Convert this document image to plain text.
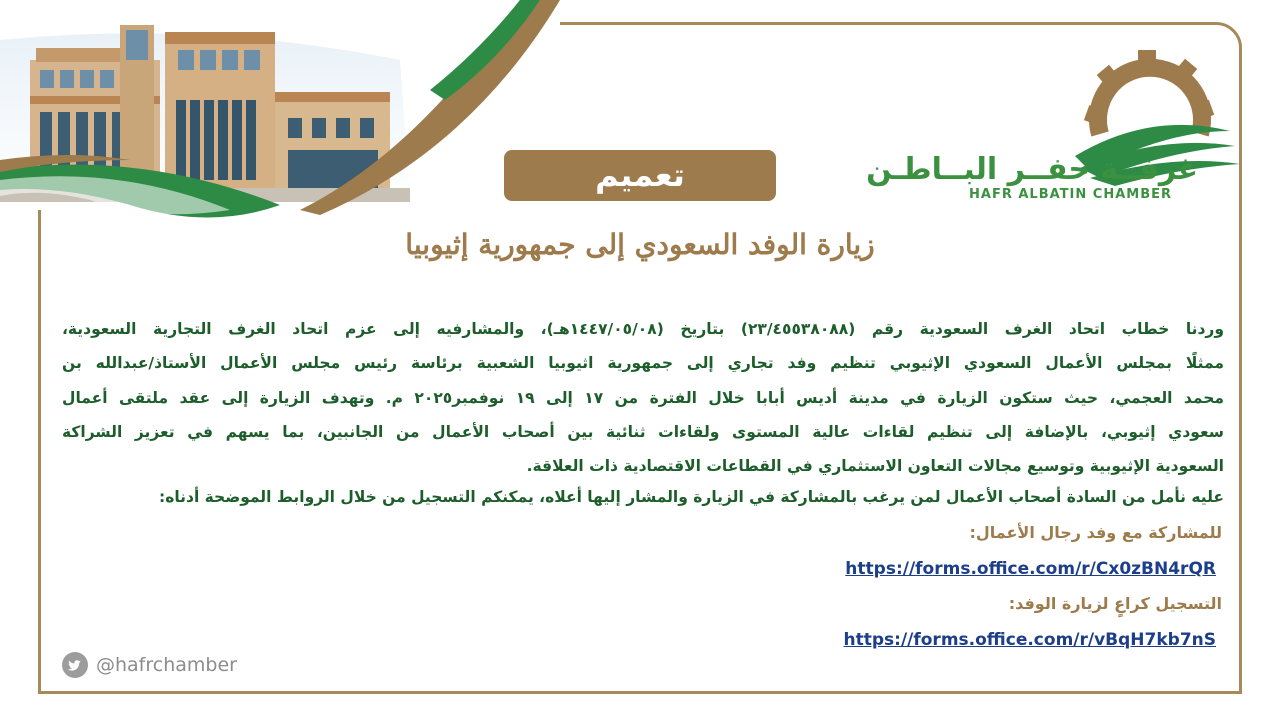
غرفــة حفــر البــاطـن
HAFR ALBATIN CHAMBER
تعميم
زيارة الوفد السعودي إلى جمهورية إثيوبيا
وردنا خطاب اتحاد الغرف السعودية رقم (٢٣/٤٥٥٣٨٠٨٨) بتاريخ (١٤٤٧/٠٥/٠٨هـ)، والمشارفيه إلى عزم اتحاد الغرف التجارية السعودية،
ممثلًا بمجلس الأعمال السعودي الإثيوبي تنظيم وفد تجاري إلى جمهورية اثيوبيا الشعبية برئاسة رئيس مجلس الأعمال الأستاذ/عبدالله بن
محمد العجمي، حيث ستكون الزيارة في مدينة أديس أبابا خلال الفترة من ١٧ إلى ١٩ نوفمبر٢٠٢٥ م. وتهدف الزيارة إلى عقد ملتقى أعمال
سعودي إثيوبي، بالإضافة إلى تنظيم لقاءات عالية المستوى ولقاءات ثنائية بين أصحاب الأعمال من الجانبين، بما يسهم في تعزيز الشراكة
السعودية الإثيوبية وتوسيع مجالات التعاون الاستثماري في القطاعات الاقتصادية ذات العلاقة.
عليه نأمل من السادة أصحاب الأعمال لمن يرغب بالمشاركة في الزيارة والمشار إليها أعلاه، يمكنكم التسجيل من خلال الروابط الموضحة أدناه:
للمشاركة مع وفد رجال الأعمال:
https://forms.office.com/r/Cx0zBN4rQR
التسجيل كراعٍ لزيارة الوفد:
https://forms.office.com/r/vBqH7kb7nS
@hafrchamber
